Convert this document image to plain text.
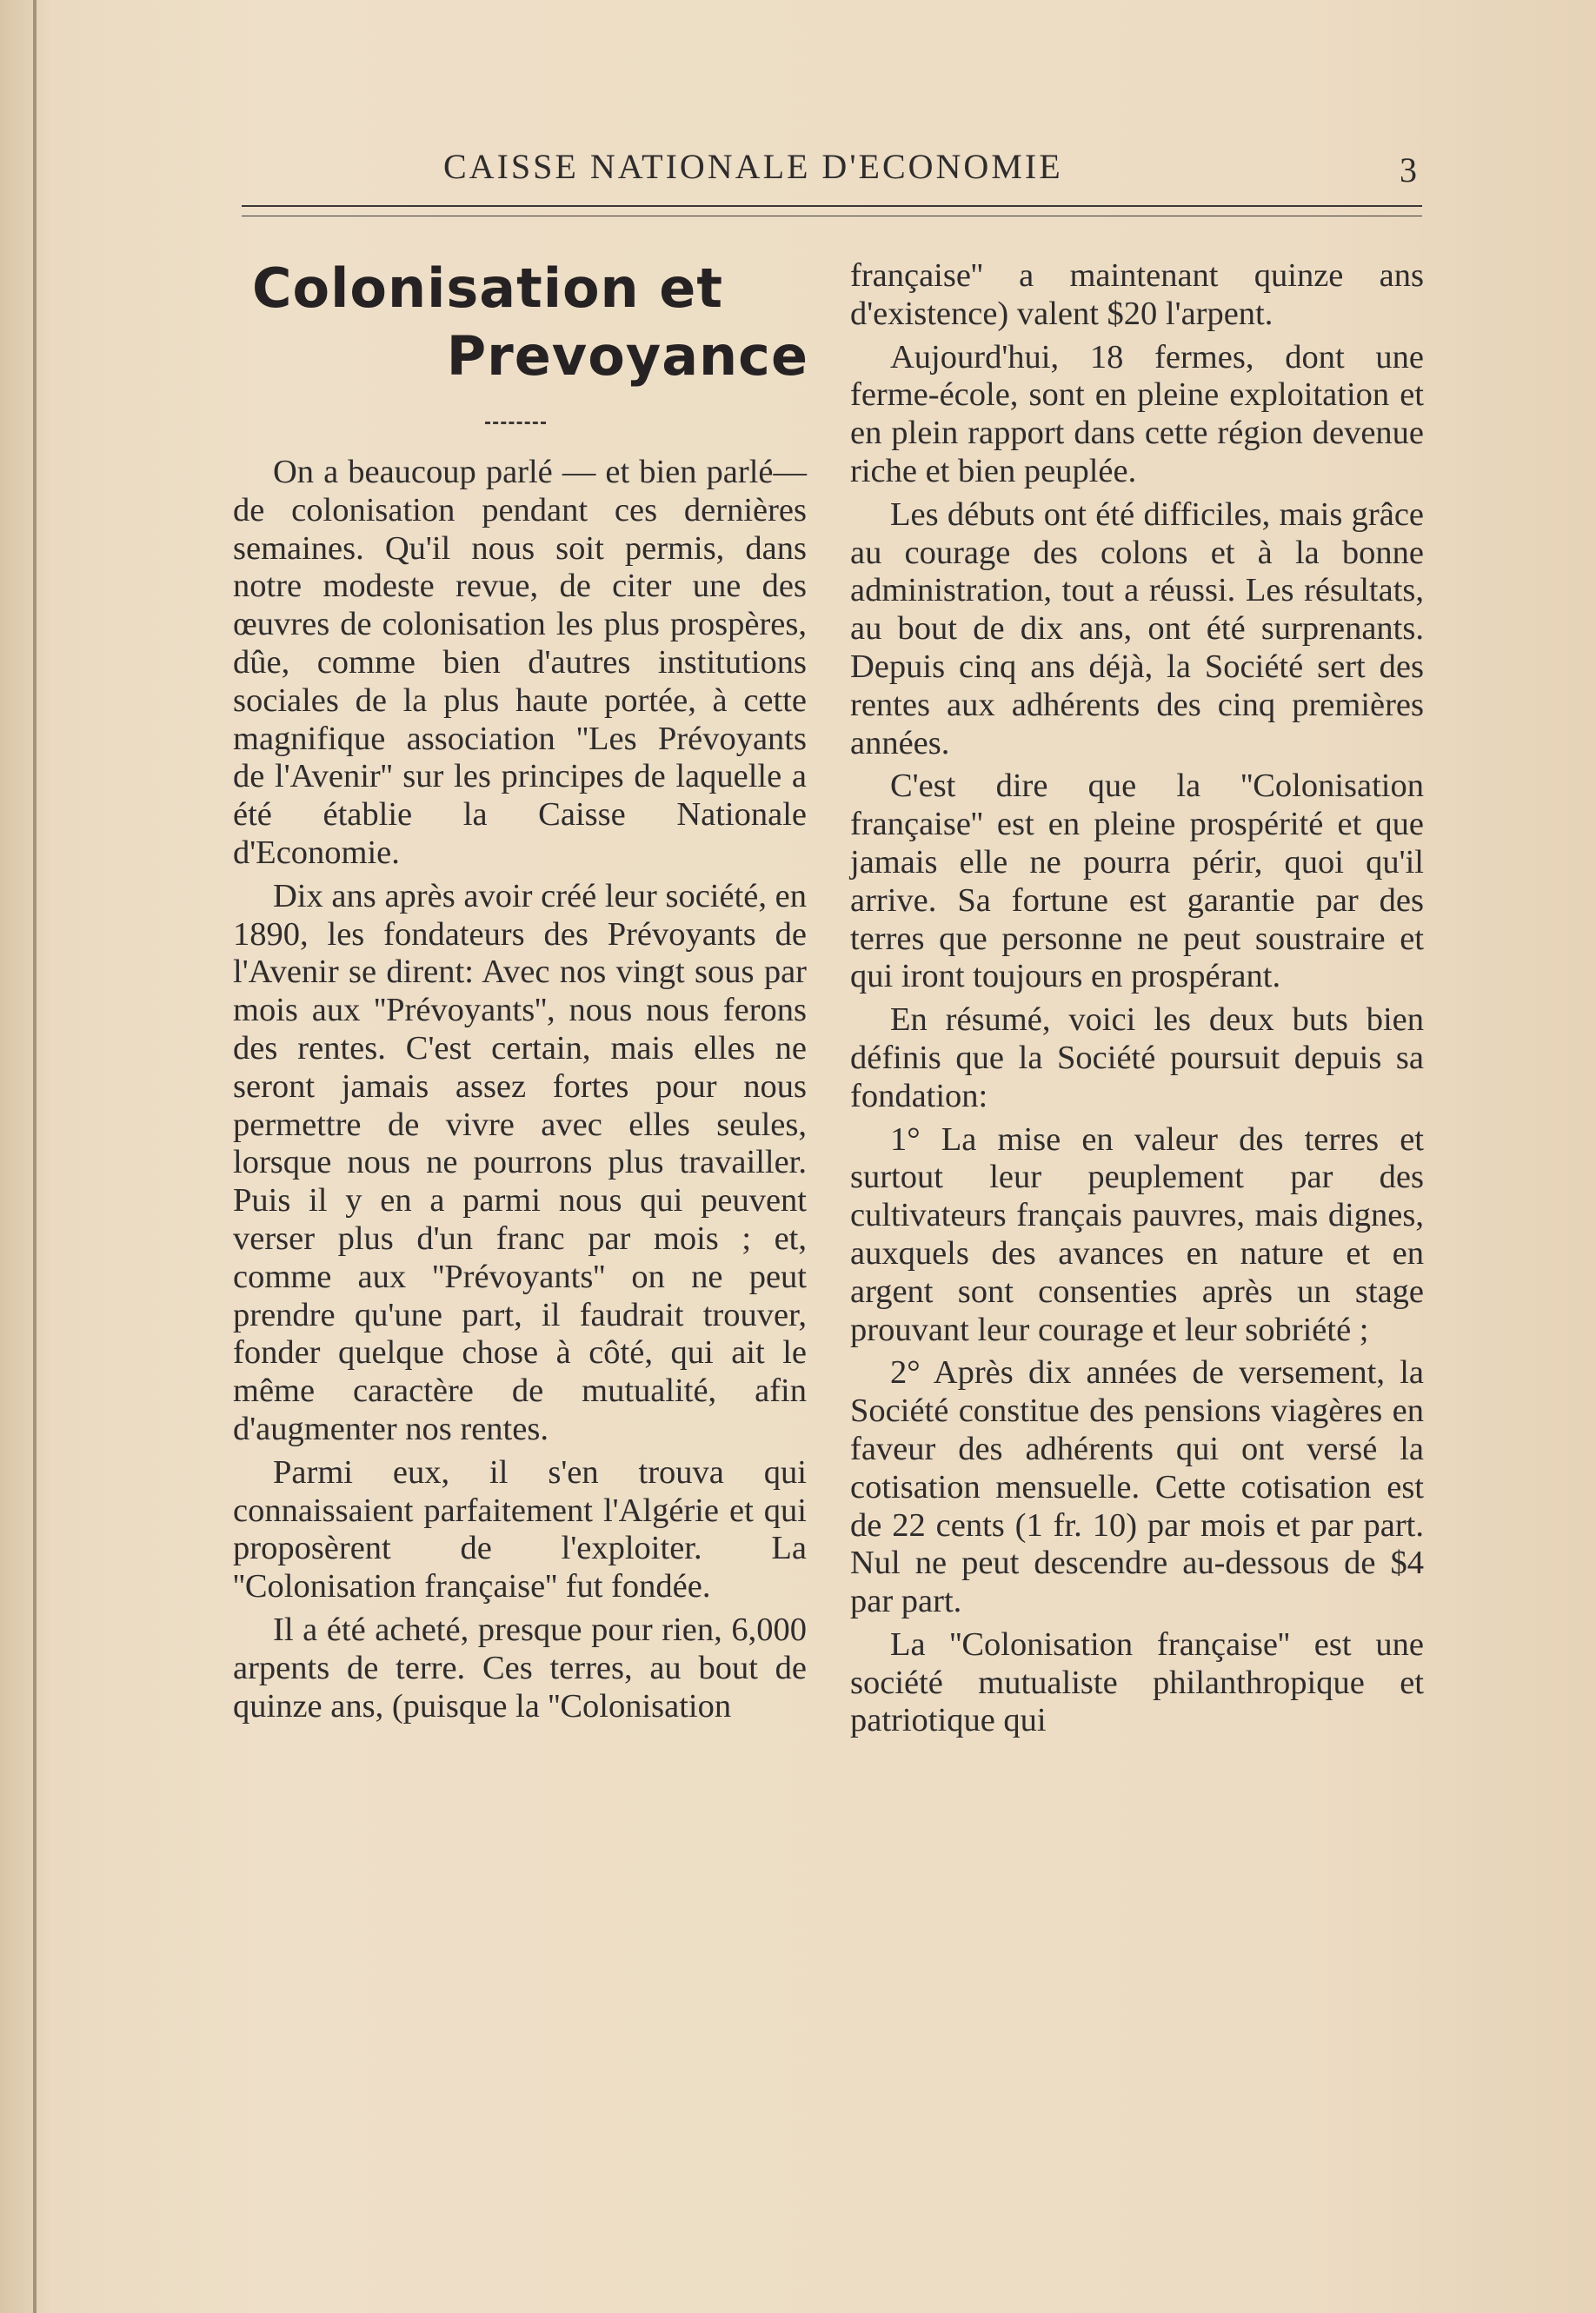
CAISSE NATIONALE D'ECONOMIE	3
Colonisation et
Prevoyance

On a beaucoup parlé — et bien parlé—de colonisation pendant ces dernières semaines. Qu'il nous soit permis, dans notre modeste revue, de citer une des œuvres de colonisation les plus prospères, dûe, comme bien d'autres institutions sociales de la plus haute portée, à cette magnifique association ''Les Prévoyants de l'Avenir'' sur les principes de laquelle a été établie la Caisse Nationale d'Economie.

Dix ans après avoir créé leur société, en 1890, les fondateurs des Prévoyants de l'Avenir se dirent: Avec nos vingt sous par mois aux ''Prévoyants'', nous nous ferons des rentes. C'est certain, mais elles ne seront jamais assez fortes pour nous permettre de vivre avec elles seules, lorsque nous ne pourrons plus travailler. Puis il y en a parmi nous qui peuvent verser plus d'un franc par mois ; et, comme aux ''Prévoyants'' on ne peut prendre qu'une part, il faudrait trouver, fonder quelque chose à côté, qui ait le même caractère de mutualité, afin d'augmenter nos rentes.

Parmi eux, il s'en trouva qui connaissaient parfaitement l'Algérie et qui proposèrent de l'exploiter. La ''Colonisation française'' fut fondée.

Il a été acheté, presque pour rien, 6,000 arpents de terre. Ces terres, au bout de quinze ans, (puisque la ''Colonisation

française'' a maintenant quinze ans d'existence) valent $20 l'arpent.

Aujourd'hui, 18 fermes, dont une ferme-école, sont en pleine exploitation et en plein rapport dans cette région devenue riche et bien peuplée.

Les débuts ont été difficiles, mais grâce au courage des colons et à la bonne administration, tout a réussi. Les résultats, au bout de dix ans, ont été surprenants. Depuis cinq ans déjà, la Société sert des rentes aux adhérents des cinq premières années.

C'est dire que la ''Colonisation française'' est en pleine prospérité et que jamais elle ne pourra périr, quoi qu'il arrive. Sa fortune est garantie par des terres que personne ne peut soustraire et qui iront toujours en prospérant.

En résumé, voici les deux buts bien définis que la Société poursuit depuis sa fondation:

1° La mise en valeur des terres et surtout leur peuplement par des cultivateurs français pauvres, mais dignes, auxquels des avances en nature et en argent sont consenties après un stage prouvant leur courage et leur sobriété ;

2° Après dix années de versement, la Société constitue des pensions viagères en faveur des adhérents qui ont versé la cotisation mensuelle. Cette cotisation est de 22 cents (1 fr. 10) par mois et par part. Nul ne peut descendre au-dessous de $4 par part.

La ''Colonisation française'' est une société mutualiste philanthropique et patriotique qui
